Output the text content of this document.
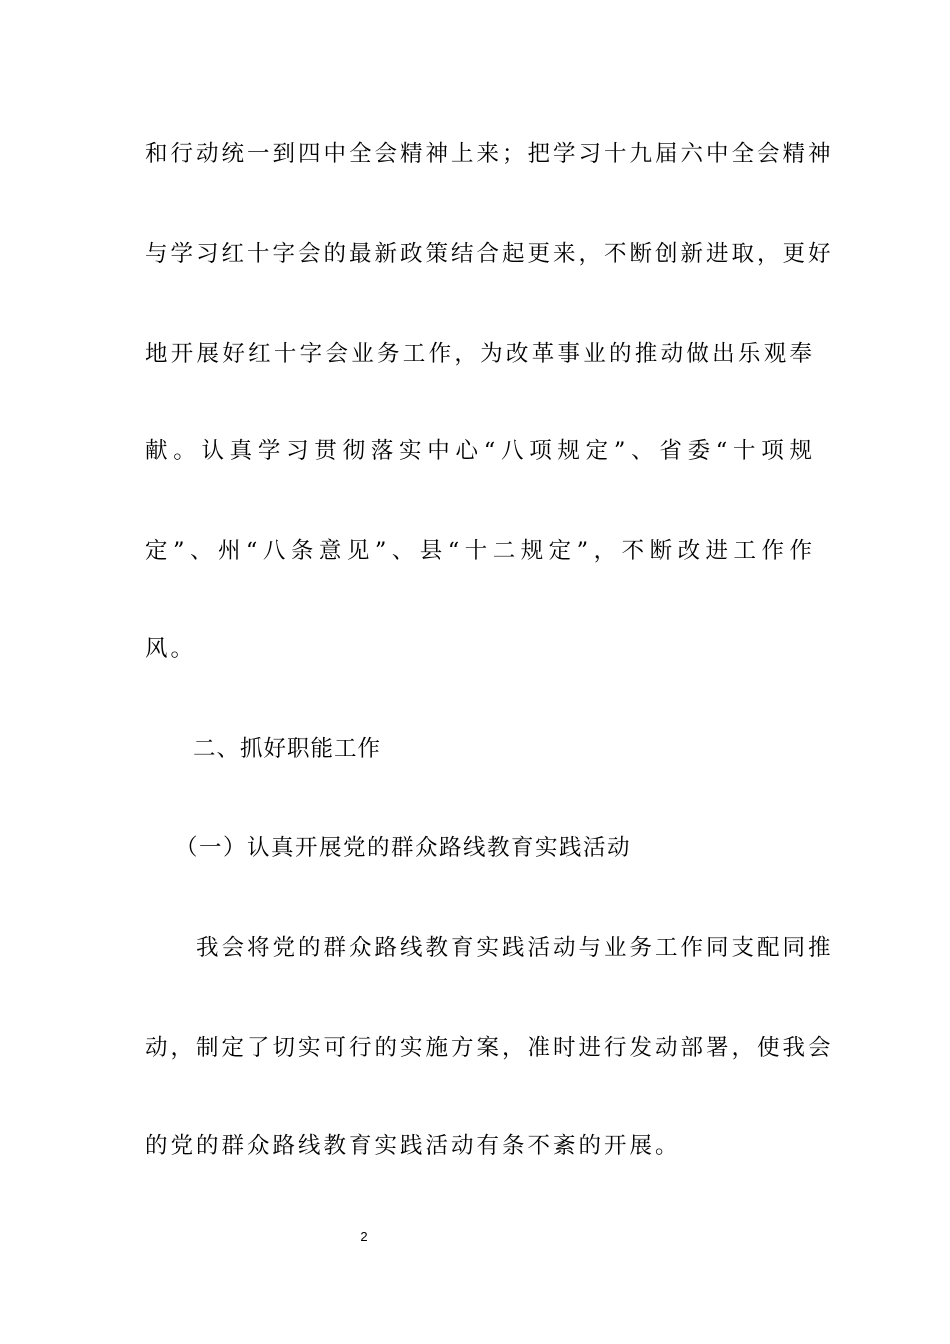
和行动统一到四中全会精神上来；把学习十九届六中全会精神
与学习红十字会的最新政策结合起更来，不断创新进取，更好
地开展好红十字会业务工作，为改革事业的推动做出乐观奉
献。认真学习贯彻落实中心“八项规定”、省委“十项规
定”、州“八条意见”、县“十二规定”，不断改进工作作
风。
二、抓好职能工作
（一）认真开展党的群众路线教育实践活动
我会将党的群众路线教育实践活动与业务工作同支配同推
动，制定了切实可行的实施方案，准时进行发动部署，使我会
的党的群众路线教育实践活动有条不紊的开展。
2
